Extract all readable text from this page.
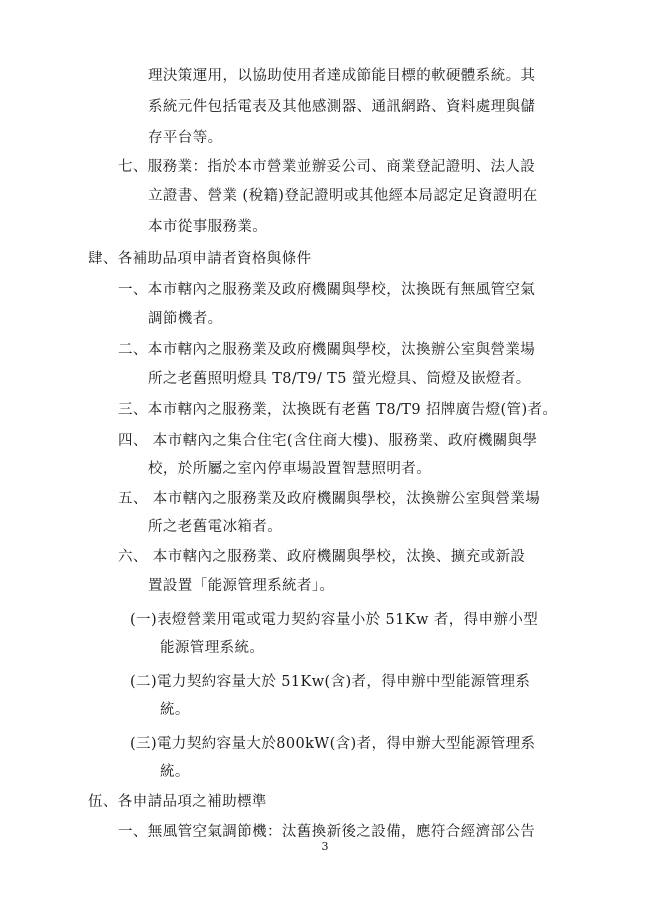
理決策運用，以協助使用者達成節能目標的軟硬體系統。其
系統元件包括電表及其他感測器、通訊網路、資料處理與儲
存平台等。
七、服務業：指於本市營業並辦妥公司、商業登記證明、法人設
立證書、營業 (稅籍)登記證明或其他經本局認定足資證明在
本市從事服務業。
肆、各補助品項申請者資格與條件
一、本市轄內之服務業及政府機關與學校，汰換既有無風管空氣
調節機者。
二、本市轄內之服務業及政府機關與學校，汰換辦公室與營業場
所之老舊照明燈具 T8/T9/ T5 螢光燈具、筒燈及嵌燈者。
三、本市轄內之服務業，汰換既有老舊 T8/T9 招牌廣告燈(管)者。
四、 本市轄內之集合住宅(含住商大樓)、服務業、政府機關與學
校，於所屬之室內停車場設置智慧照明者。
五、 本市轄內之服務業及政府機關與學校，汰換辦公室與營業場
所之老舊電冰箱者。
六、 本市轄內之服務業、政府機關與學校，汰換、擴充或新設
置設置「能源管理系統者」。
(一)表燈營業用電或電力契約容量小於 51Kw 者，得申辦小型
能源管理系統。
(二)電力契約容量大於 51Kw(含)者，得申辦中型能源管理系
統。
(三)電力契約容量大於800kW(含)者，得申辦大型能源管理系
統。
伍、各申請品項之補助標準
一、無風管空氣調節機：汰舊換新後之設備，應符合經濟部公告
3
